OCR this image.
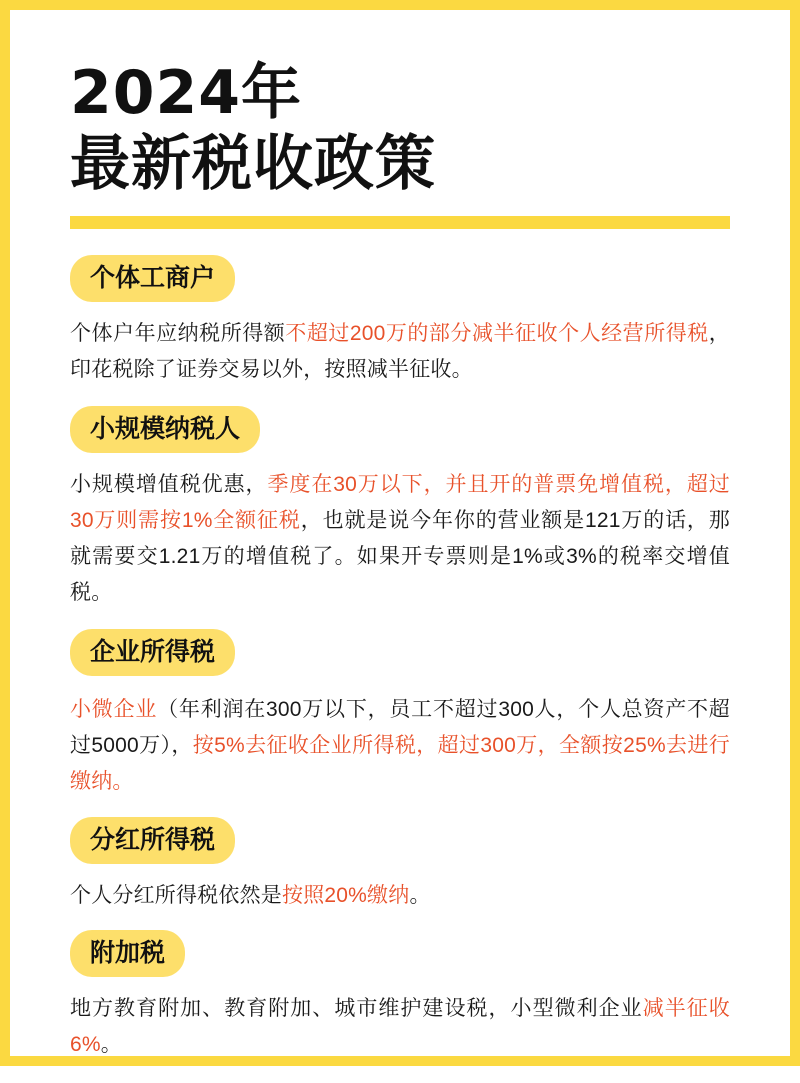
2024年
最新税收政策
个体工商户
个体户年应纳税所得额不超过200万的部分减半征收个人经营所得税，印花税除了证券交易以外，按照减半征收。
小规模纳税人
小规模增值税优惠，季度在30万以下，并且开的普票免增值税，超过30万则需按1%全额征税，也就是说今年你的营业额是121万的话，那就需要交1.21万的增值税了。如果开专票则是1%或3%的税率交增值税。
企业所得税
小微企业（年利润在300万以下，员工不超过300人，个人总资产不超过5000万），按5%去征收企业所得税，超过300万，全额按25%去进行缴纳。
分红所得税
个人分红所得税依然是按照20%缴纳。
附加税
地方教育附加、教育附加、城市维护建设税，小型微利企业减半征收6%。
